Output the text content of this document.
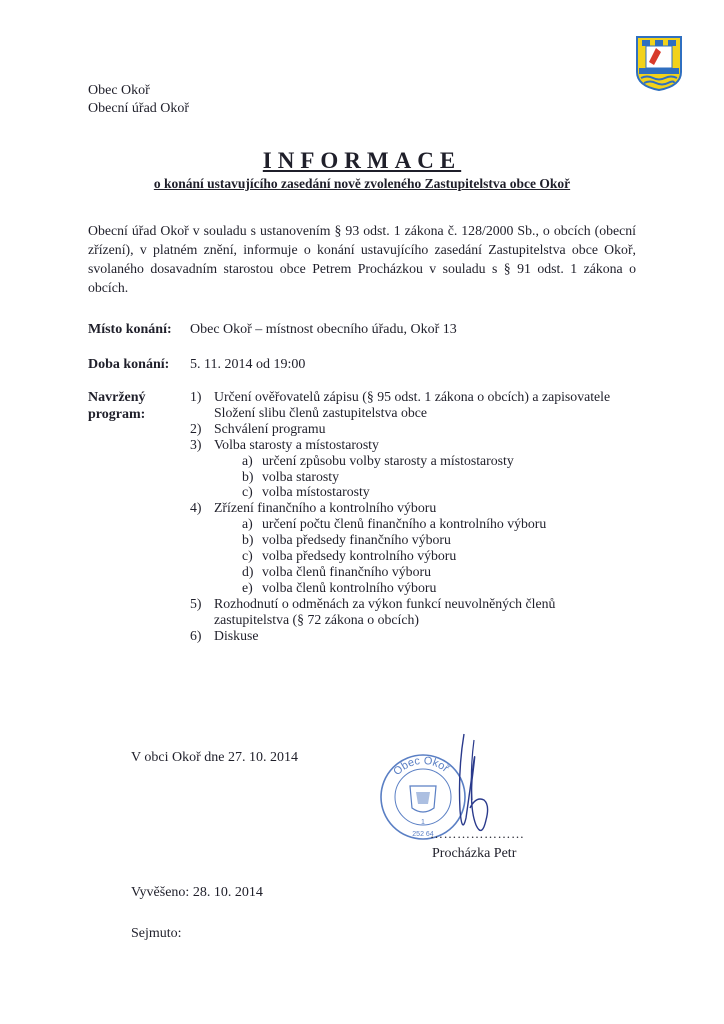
Obec Okoř
Obecní úřad Okoř
INFORMACE
o konání ustavujícího zasedání nově zvoleného Zastupitelstva obce Okoř
Obecní úřad Okoř v souladu s ustanovením § 93 odst. 1 zákona č. 128/2000 Sb., o obcích (obecní zřízení), v platném znění, informuje o konání ustavujícího zasedání Zastupitelstva obce Okoř, svolaného dosavadním starostou obce Petrem Procházkou v souladu s § 91 odst. 1 zákona o obcích.
Místo konání: Obec Okoř – místnost obecního úřadu, Okoř 13
Doba konání: 5. 11. 2014 od 19:00
Navržený
program:
1) Určení ověřovatelů zápisu (§ 95 odst. 1 zákona o obcích) a zapisovatele
Složení slibu členů zastupitelstva obce
2) Schválení programu
3) Volba starosty a místostarosty
a) určení způsobu volby starosty a místostarosty
b) volba starosty
c) volba místostarosty
4) Zřízení finančního a kontrolního výboru
a) určení počtu členů finančního a kontrolního výboru
b) volba předsedy finančního výboru
c) volba předsedy kontrolního výboru
d) volba členů finančního výboru
e) volba členů kontrolního výboru
5) Rozhodnutí o odměnách za výkon funkcí neuvolněných členů
zastupitelstva (§ 72 zákona o obcích)
6) Diskuse
V obci Okoř dne 27. 10. 2014
Obec Okoř
1
252 64
…………………
Procházka Petr
Vyvěšeno: 28. 10. 2014
Sejmuto:
